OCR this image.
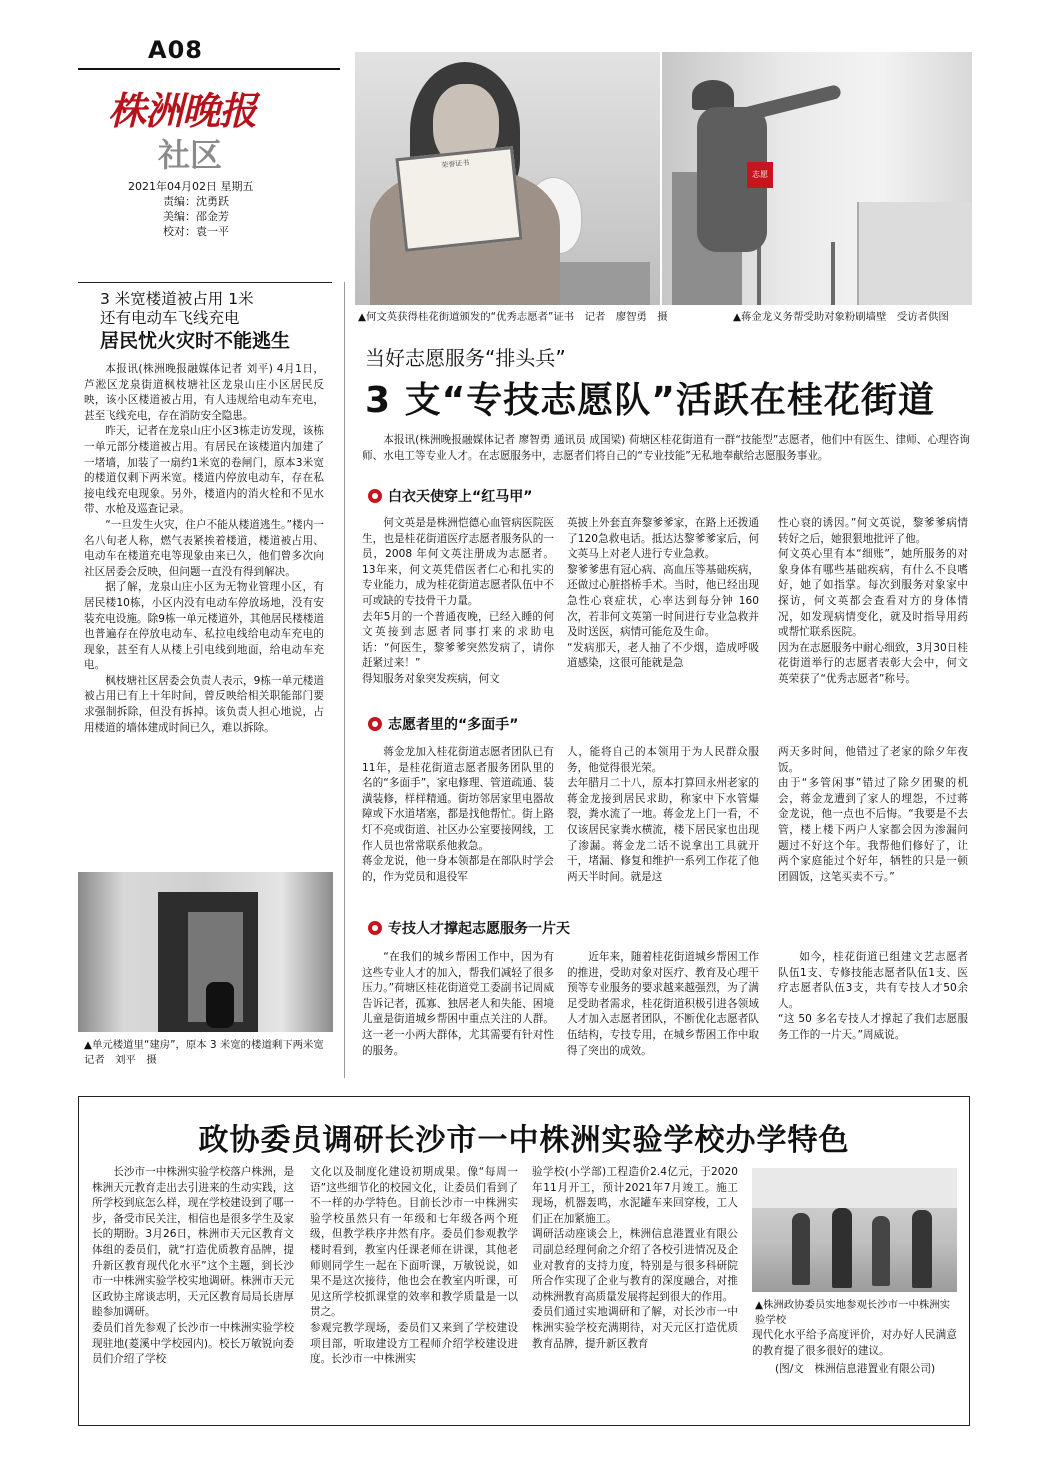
A08
株洲晚报
社区
2021年04月02日 星期五
责编：沈勇跃
美编：邵金芳
校对：袁一平
荣誉证书
志愿
▲何文英获得桂花街道颁发的“优秀志愿者”证书　记者　廖智勇　摄	▲蒋金龙义务帮受助对象粉刷墙壁　受访者供图
3 米宽楼道被占用 1米
还有电动车飞线充电
居民忧火灾时不能逃生

本报讯(株洲晚报融媒体记者 刘平) 4月1日，芦淞区龙泉街道枫枝塘社区龙泉山庄小区居民反映，该小区楼道被占用，有人违规给电动车充电，甚至飞线充电，存在消防安全隐患。

昨天，记者在龙泉山庄小区3栋走访发现，该栋一单元部分楼道被占用。有居民在该楼道内加建了一堵墙，加装了一扇约1米宽的卷闸门，原本3米宽的楼道仅剩下两米宽。楼道内停放电动车，存在私接电线充电现象。另外，楼道内的消火栓和不见水带、水枪及巡查记录。

“一旦发生火灾，住户不能从楼道逃生。”楼内一名八旬老人称，燃气表紧挨着楼道，楼道被占用、电动车在楼道充电等现象由来已久，他们曾多次向社区居委会反映，但问题一直没有得到解决。

据了解，龙泉山庄小区为无物业管理小区，有居民楼10栋，小区内没有电动车停放场地，没有安装充电设施。除9栋一单元楼道外，其他居民楼楼道也普遍存在停放电动车、私拉电线给电动车充电的现象，甚至有人从楼上引电线到地面，给电动车充电。

枫枝塘社区居委会负责人表示，9栋一单元楼道被占用已有上十年时间，曾反映给相关职能部门要求强制拆除，但没有拆掉。该负责人担心地说，占用楼道的墙体建成时间已久，难以拆除。

▲单元楼道里“建房”，原本 3 米宽的楼道剩下两米宽　记者　刘平　摄
当好志愿服务“排头兵”
3 支“专技志愿队”活跃在桂花街道
本报讯(株洲晚报融媒体记者 廖智勇 通讯员 成国梁) 荷塘区桂花街道有一群“技能型”志愿者，他们中有医生、律师、心理咨询师、水电工等专业人才。在志愿服务中，志愿者们将自己的“专业技能”无私地奉献给志愿服务事业。
白衣天使穿上“红马甲”

何文英是是株洲恺德心血管病医院医生，也是桂花街道医疗志愿者服务队的一员，2008 年何文英注册成为志愿者。13年来，何文英凭借医者仁心和扎实的专业能力，成为桂花街道志愿者队伍中不可或缺的专技骨干力量。
去年5月的一个普通夜晚，已经入睡的何文英接到志愿者同事打来的求助电话：“何医生，黎爹爹突然发病了，请你赶紧过来！”
得知服务对象突发疾病，何文

英披上外套直奔黎爹爹家，在路上还拨通了120急救电话。抵达达黎爹爹家后，何文英马上对老人进行专业急救。
黎爹爹患有冠心病、高血压等基础疾病，还做过心脏搭桥手术。当时，他已经出现急性心衰症状，心率达到每分钟 160 次，若非何文英第一时间进行专业急救并及时送医，病情可能危及生命。
“发病那天，老人抽了不少烟，造成呼吸道感染，这很可能就是急

性心衰的诱因。”何文英说，黎爹爹病情转好之后，她狠狠地批评了他。
何文英心里有本“细账”，她所服务的对象身体有哪些基础疾病，有什么不良嗜好，她了如指掌。每次到服务对象家中探访，何文英都会查看对方的身体情况，如发现病情变化，就及时指导用药或帮忙联系医院。
因为在志愿服务中耐心细致，3月30日桂花街道举行的志愿者表彰大会中，何文英荣获了“优秀志愿者”称号。

志愿者里的“多面手”

蒋金龙加入桂花街道志愿者团队已有11年，是桂花街道志愿者服务团队里的名的“多面手”，家电修理、管道疏通、装潢装修，样样精通。街坊邻居家里电器故障或下水道堵塞，都是找他帮忙。街上路灯不亮或街道、社区办公室要接网线，工作人员也常常联系他救急。
蒋金龙说，他一身本领都是在部队时学会的，作为党员和退役军

人，能将自己的本领用于为人民群众服务，他觉得很光荣。
去年腊月二十八，原本打算回永州老家的蒋金龙接到居民求助，称家中下水管爆裂，粪水流了一地。蒋金龙上门一看，不仅该居民家粪水横流，楼下居民家也出现了渗漏。蒋金龙二话不说拿出工具就开干，堵漏、修复和维护一系列工作花了他两天半时间。就是这

两天多时间，他错过了老家的除夕年夜饭。
由于“多管闲事”错过了除夕团聚的机会，蒋金龙遭到了家人的埋怨，不过蒋金龙说，他一点也不后悔。“我要是不去管，楼上楼下两户人家都会因为渗漏问题过不好这个年。我帮他们修好了，让两个家庭能过个好年，牺牲的只是一顿团圆饭，这笔买卖不亏。”

专技人才撑起志愿服务一片天

“在我们的城乡帮困工作中，因为有这些专业人才的加入，帮我们减轻了很多压力。”荷塘区桂花街道党工委副书记周威告诉记者，孤寡、独居老人和失能、困境儿童是街道城乡帮困中重点关注的人群。这一老一小两大群体，尤其需要有针对性的服务。

近年来，随着桂花街道城乡帮困工作的推进，受助对象对医疗、教育及心理干预等专业服务的要求越来越强烈，为了满足受助者需求，桂花街道积极引进各领域人才加入志愿者团队，不断优化志愿者队伍结构，专技专用，在城乡帮困工作中取得了突出的成效。

如今，桂花街道已组建文艺志愿者队伍1支、专修技能志愿者队伍1支、医疗志愿者队伍3支，共有专技人才50余人。
“这 50 多名专技人才撑起了我们志愿服务工作的一片天。”周威说。

政协委员调研长沙市一中株洲实验学校办学特色

长沙市一中株洲实验学校落户株洲，是株洲天元教育走出去引进来的生动实践，这所学校到底怎么样，现在学校建设到了哪一步，备受市民关注，相信也是很多学生及家长的期盼。3月26日，株洲市天元区教育文体组的委员们，就“打造优质教育品牌，提升新区教育现代化水平”这个主题，到长沙市一中株洲实验学校实地调研。株洲市天元区政协主席谈志明，天元区教育局局长唐厚睦参加调研。
委员们首先参观了长沙市一中株洲实验学校现驻地(菱溪中学校园内)。校长万敏锐向委员们介绍了学校

文化以及制度化建设初期成果。像“每周一语”这些细节化的校园文化，让委员们看到了不一样的办学特色。目前长沙市一中株洲实验学校虽然只有一年级和七年级各两个班级，但教学秩序井然有序。委员们参观教学楼时看到，教室内任课老师在讲课，其他老师则同学生一起在下面听课，万敏锐说，如果不是这次接待，他也会在教室内听课，可见这所学校抓课堂的效率和教学质量是一以贯之。
参观完教学现场，委员们又来到了学校建设项目部，听取建设方工程师介绍学校建设进度。长沙市一中株洲实

验学校(小学部)工程造价2.4亿元，于2020年11月开工，预计2021年7月竣工。施工现场，机器轰鸣，水泥罐车来回穿梭，工人们正在加紧施工。
调研活动座谈会上，株洲信息港置业有限公司副总经理何俞之介绍了各校引进情况及企业对教育的支持力度，特别是与很多科研院所合作实现了企业与教育的深度融合，对推动株洲教育高质量发展将起到很大的作用。
委员们通过实地调研和了解，对长沙市一中株洲实验学校充满期待，对天元区打造优质教育品牌，提升新区教育

▲株洲政协委员实地参观长沙市一中株洲实验学校
现代化水平给予高度评价，对办好人民满意的教育提了很多很好的建议。
(图/文　株洲信息港置业有限公司)
